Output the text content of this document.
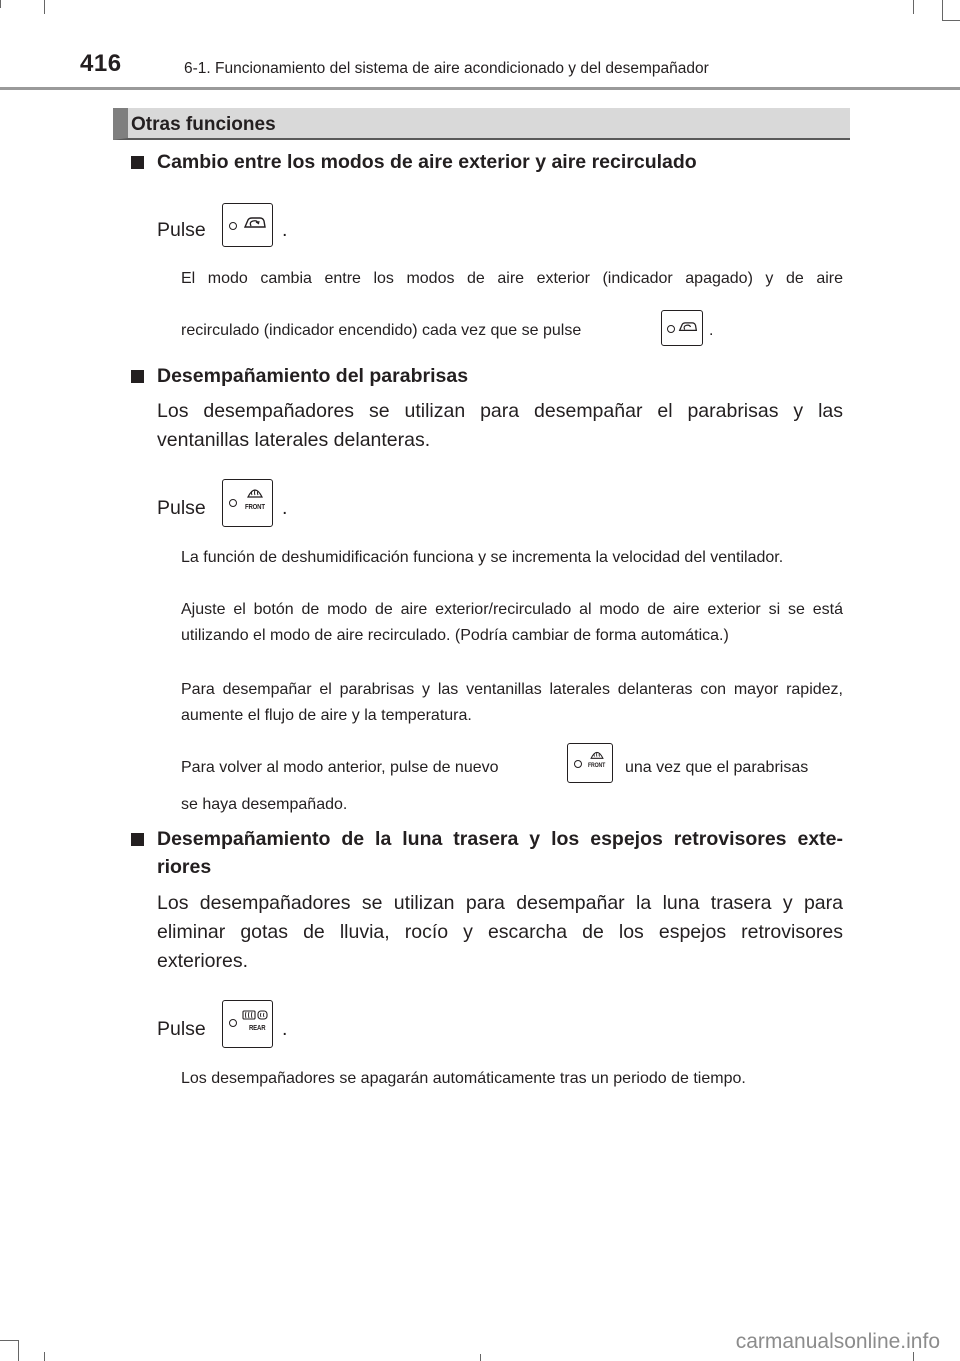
416	6-1. Funcionamiento del sistema de aire acondicionado y del desempañador
Otras funciones
Cambio entre los modos de aire exterior y aire recirculado
Pulse	.
El modo cambia entre los modos de aire exterior (indicador apagado) y de aire
recirculado (indicador encendido) cada vez que se pulse	.
Desempañamiento del parabrisas
Los desempañadores se utilizan para desempañar el parabrisas y las ventanillas laterales delanteras.
Pulse	FRONT .
La función de deshumidificación funciona y se incrementa la velocidad del ventilador.
Ajuste el botón de modo de aire exterior/recirculado al modo de aire exterior si se está utilizando el modo de aire recirculado. (Podría cambiar de forma automática.)
Para desempañar el parabrisas y las ventanillas laterales delanteras con mayor rapidez, aumente el flujo de aire y la temperatura.
Para volver al modo anterior, pulse de nuevo	FRONT una vez que el parabrisas
se haya desempañado.
Desempañamiento de la luna trasera y los espejos retrovisores exte-
riores
Los desempañadores se utilizan para desempañar la luna trasera y para eliminar gotas de lluvia, rocío y escarcha de los espejos retrovisores exteriores.
Pulse	REAR .
Los desempañadores se apagarán automáticamente tras un periodo de tiempo.
carmanualsonline.info
